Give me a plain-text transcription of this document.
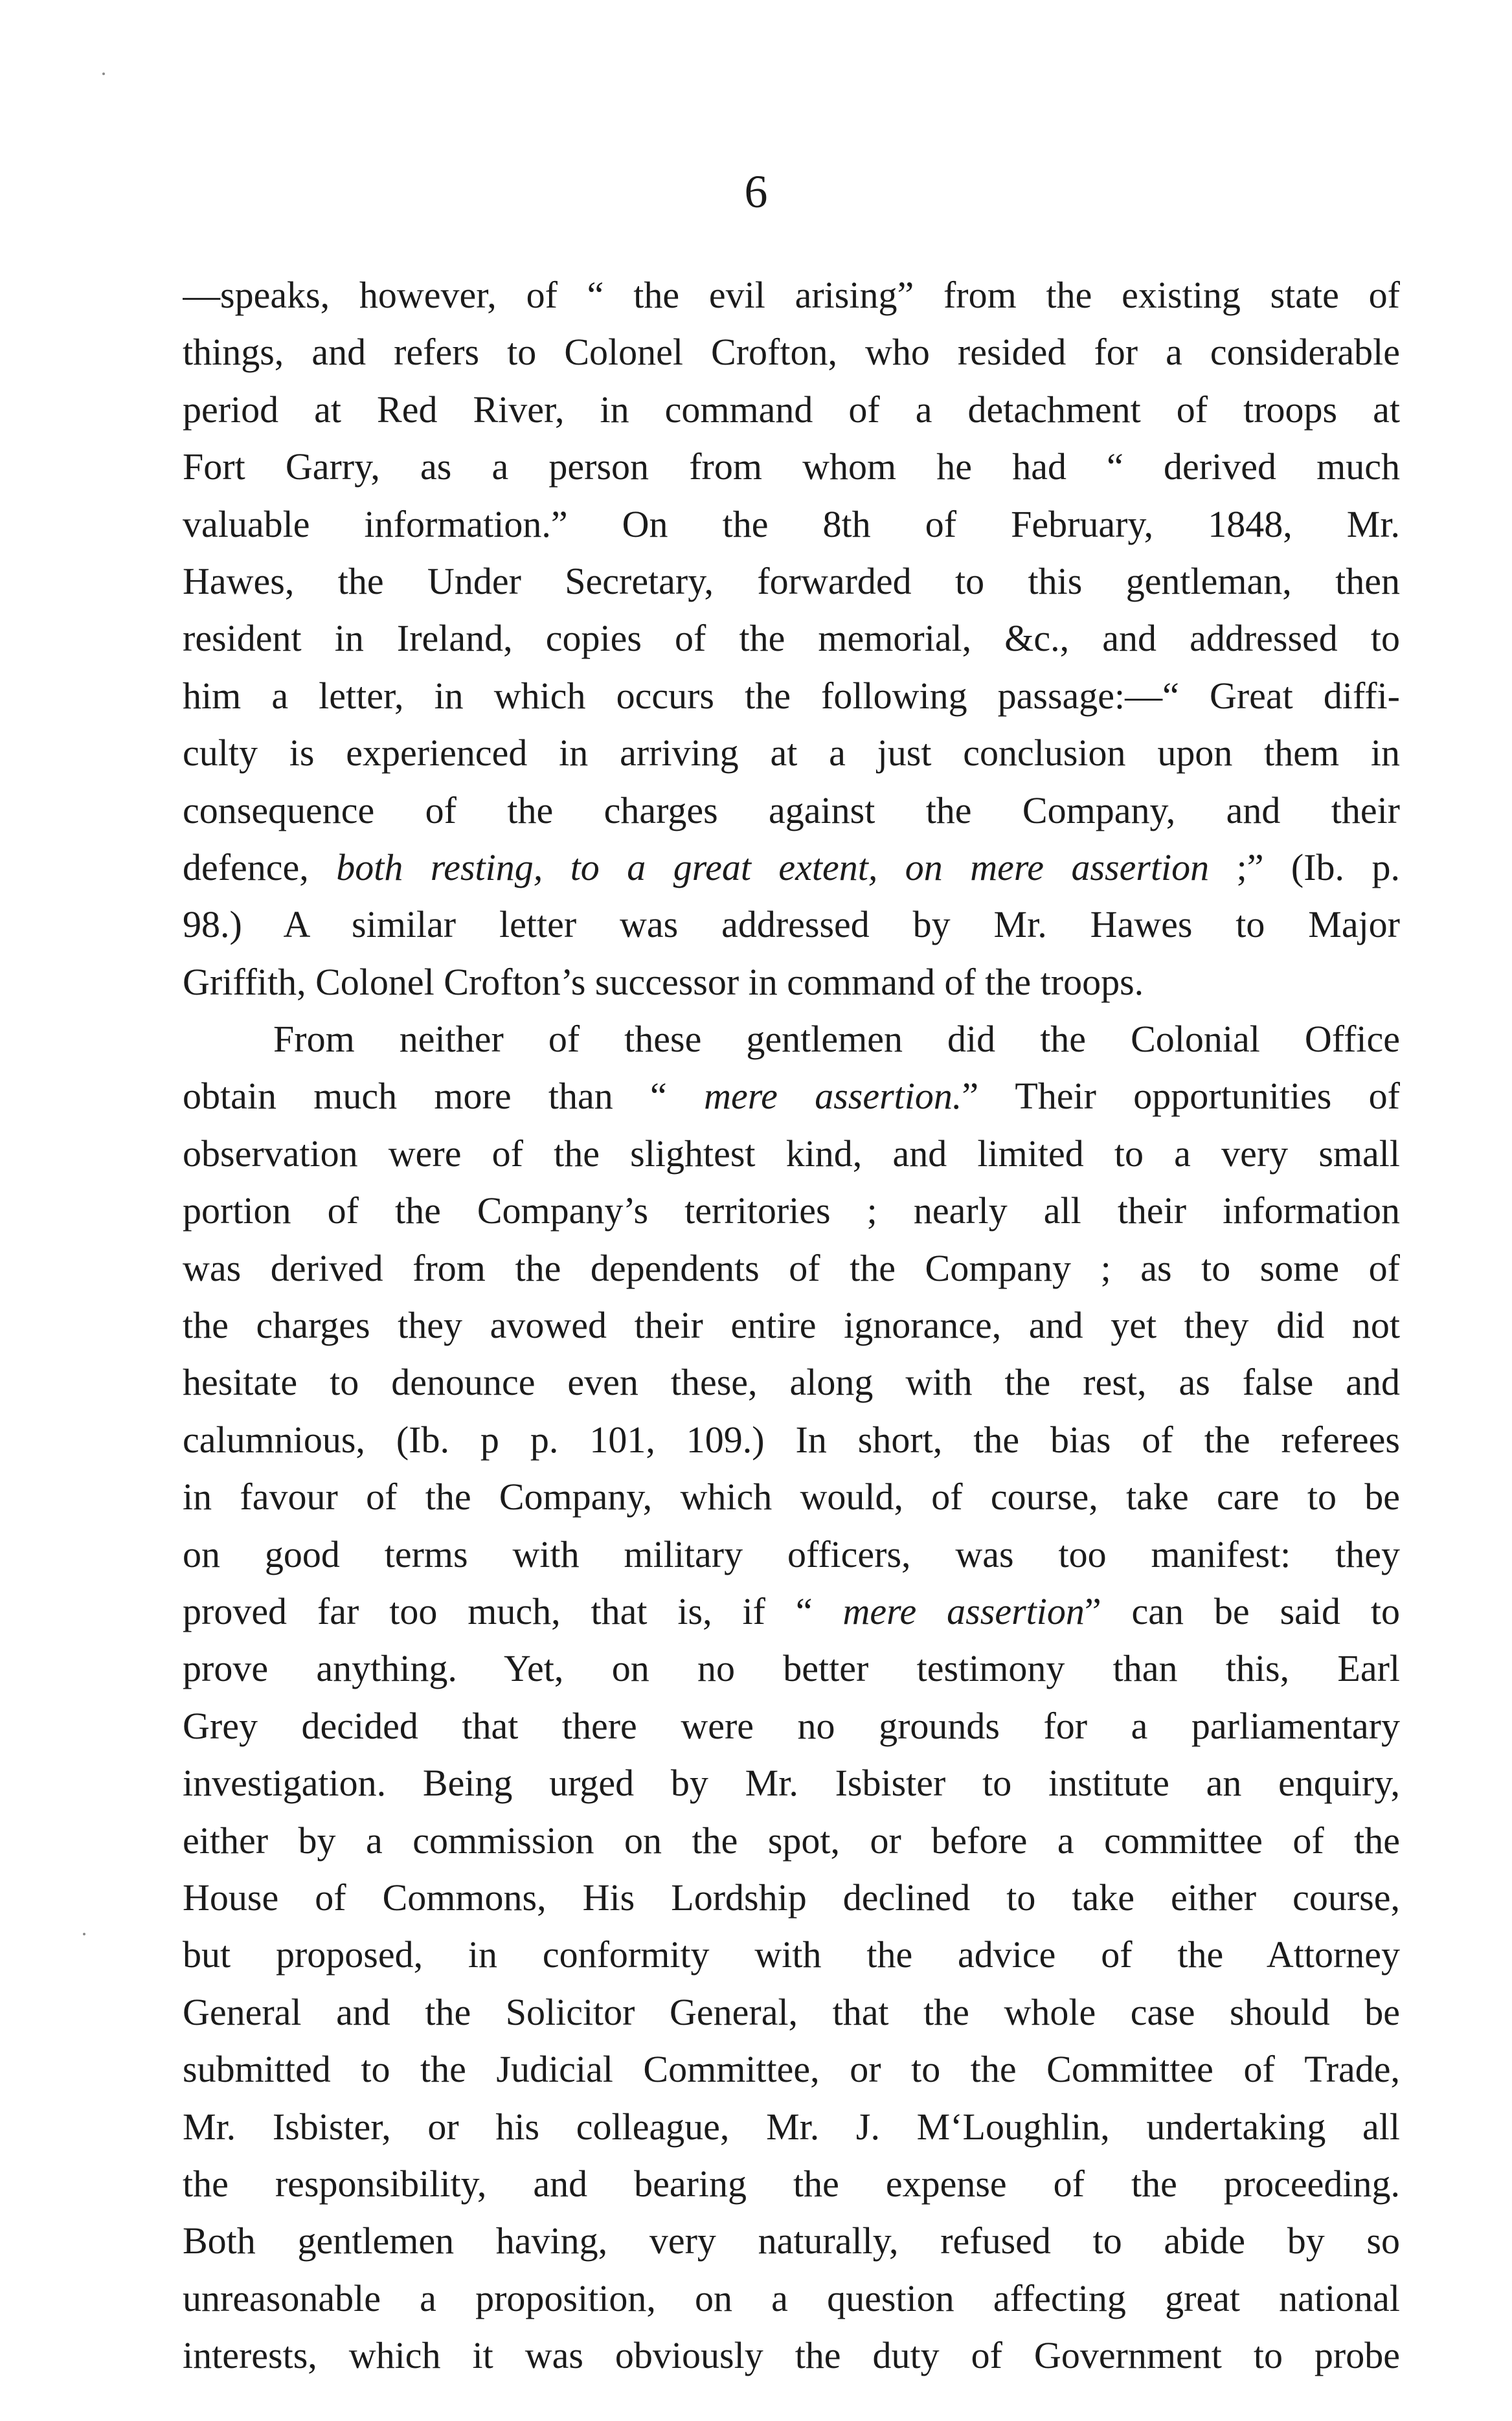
6
—speaks, however, of “ the evil arising” from the existing state of
things, and refers to Colonel Crofton, who resided for a considerable
period at Red River, in command of a detachment of troops at
Fort Garry, as a person from whom he had “ derived much
valuable information.” On the 8th of February, 1848, Mr.
Hawes, the Under Secretary, forwarded to this gentleman, then
resident in Ireland, copies of the memorial, &c., and addressed to
him a letter, in which occurs the following passage:—“ Great diffi-
culty is experienced in arriving at a just conclusion upon them in
consequence of the charges against the Company, and their
defence, both resting, to a great extent, on mere assertion ;” (Ib. p.
98.) A similar letter was addressed by Mr. Hawes to Major
Griffith, Colonel Crofton’s successor in command of the troops.
From neither of these gentlemen did the Colonial Office
obtain much more than “ mere assertion.” Their opportunities of
observation were of the slightest kind, and limited to a very small
portion of the Company’s territories ; nearly all their information
was derived from the dependents of the Company ; as to some of
the charges they avowed their entire ignorance, and yet they did not
hesitate to denounce even these, along with the rest, as false and
calumnious, (Ib. p p. 101, 109.) In short, the bias of the referees
in favour of the Company, which would, of course, take care to be
on good terms with military officers, was too manifest: they
proved far too much, that is, if “ mere assertion” can be said to
prove anything. Yet, on no better testimony than this, Earl
Grey decided that there were no grounds for a parliamentary
investigation. Being urged by Mr. Isbister to institute an enquiry,
either by a commission on the spot, or before a committee of the
House of Commons, His Lordship declined to take either course,
but proposed, in conformity with the advice of the Attorney
General and the Solicitor General, that the whole case should be
submitted to the Judicial Committee, or to the Committee of Trade,
Mr. Isbister, or his colleague, Mr. J. M‘Loughlin, undertaking all
the responsibility, and bearing the expense of the proceeding.
Both gentlemen having, very naturally, refused to abide by so
unreasonable a proposition, on a question affecting great national
interests, which it was obviously the duty of Government to probe
